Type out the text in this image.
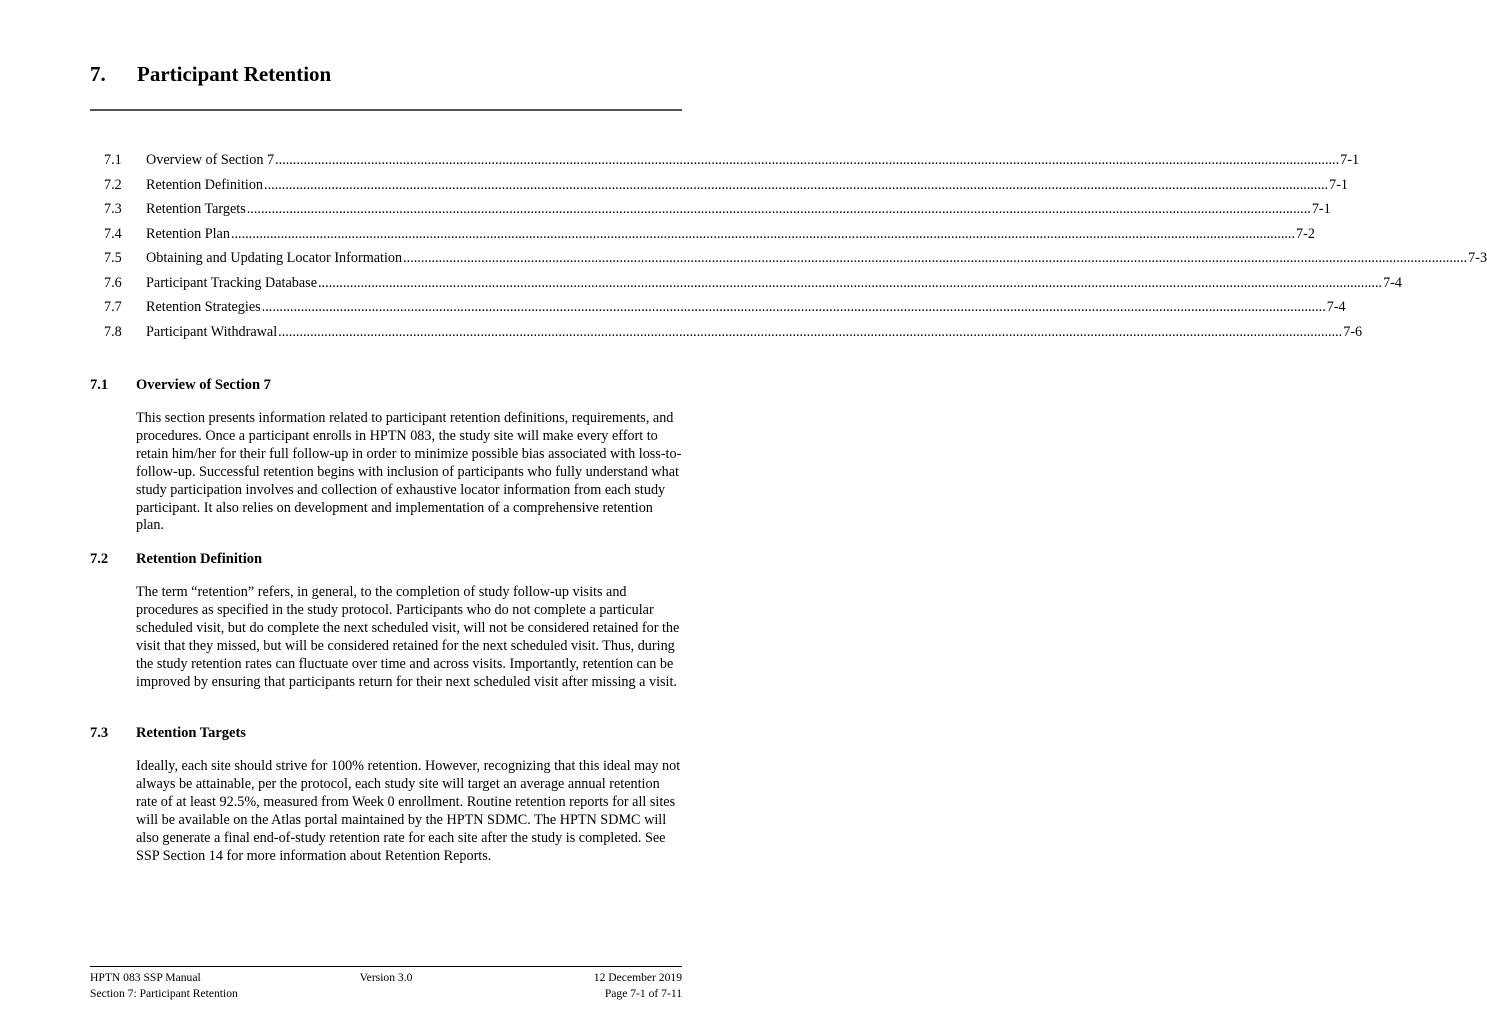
7. Participant Retention
7.1 Overview of Section 7 ............................................................................................................................................................................................................................................................................................................ 7-1
7.2 Retention Definition ............................................................................................................................................................................................................................................................................................................ 7-1
7.3 Retention Targets ............................................................................................................................................................................................................................................................................................................ 7-1
7.4 Retention Plan ............................................................................................................................................................................................................................................................................................................ 7-2
7.5 Obtaining and Updating Locator Information ............................................................................................................................................................................................................................................................................................................ 7-3
7.6 Participant Tracking Database ............................................................................................................................................................................................................................................................................................................ 7-4
7.7 Retention Strategies ............................................................................................................................................................................................................................................................................................................ 7-4
7.8 Participant Withdrawal ............................................................................................................................................................................................................................................................................................................ 7-6
7.1 Overview of Section 7

This section presents information related to participant retention definitions, requirements, and procedures. Once a participant enrolls in HPTN 083, the study site will make every effort to retain him/her for their full follow-up in order to minimize possible bias associated with loss-to-follow-up. Successful retention begins with inclusion of participants who fully understand what study participation involves and collection of exhaustive locator information from each study participant. It also relies on development and implementation of a comprehensive retention plan.

7.2 Retention Definition

The term “retention” refers, in general, to the completion of study follow-up visits and procedures as specified in the study protocol. Participants who do not complete a particular scheduled visit, but do complete the next scheduled visit, will not be considered retained for the visit that they missed, but will be considered retained for the next scheduled visit. Thus, during the study retention rates can fluctuate over time and across visits. Importantly, retention can be improved by ensuring that participants return for their next scheduled visit after missing a visit.

7.3 Retention Targets

Ideally, each site should strive for 100% retention. However, recognizing that this ideal may not always be attainable, per the protocol, each study site will target an average annual retention rate of at least 92.5%, measured from Week 0 enrollment. Routine retention reports for all sites will be available on the Atlas portal maintained by the HPTN SDMC. The HPTN SDMC will also generate a final end-of-study retention rate for each site after the study is completed. See SSP Section 14 for more information about Retention Reports.

HPTN 083 SSP Manual
Section 7: Participant Retention
Version 3.0	12 December 2019
Page 7-1 of 7-11
